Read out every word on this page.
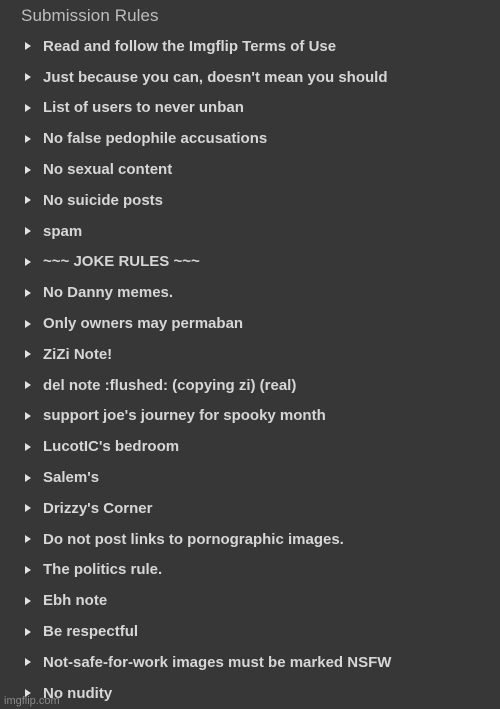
Submission Rules
Read and follow the Imgflip Terms of Use
Just because you can, doesn't mean you should
List of users to never unban
No false pedophile accusations
No sexual content
No suicide posts
spam
~~~ JOKE RULES ~~~
No Danny memes.
Only owners may permaban
ZiZi Note!
del note :flushed: (copying zi) (real)
support joe's journey for spooky month
LucotIC's bedroom
Salem's
Drizzy's Corner
Do not post links to pornographic images.
The politics rule.
Ebh note
Be respectful
Not-safe-for-work images must be marked NSFW
No nudity
imgflip.com
